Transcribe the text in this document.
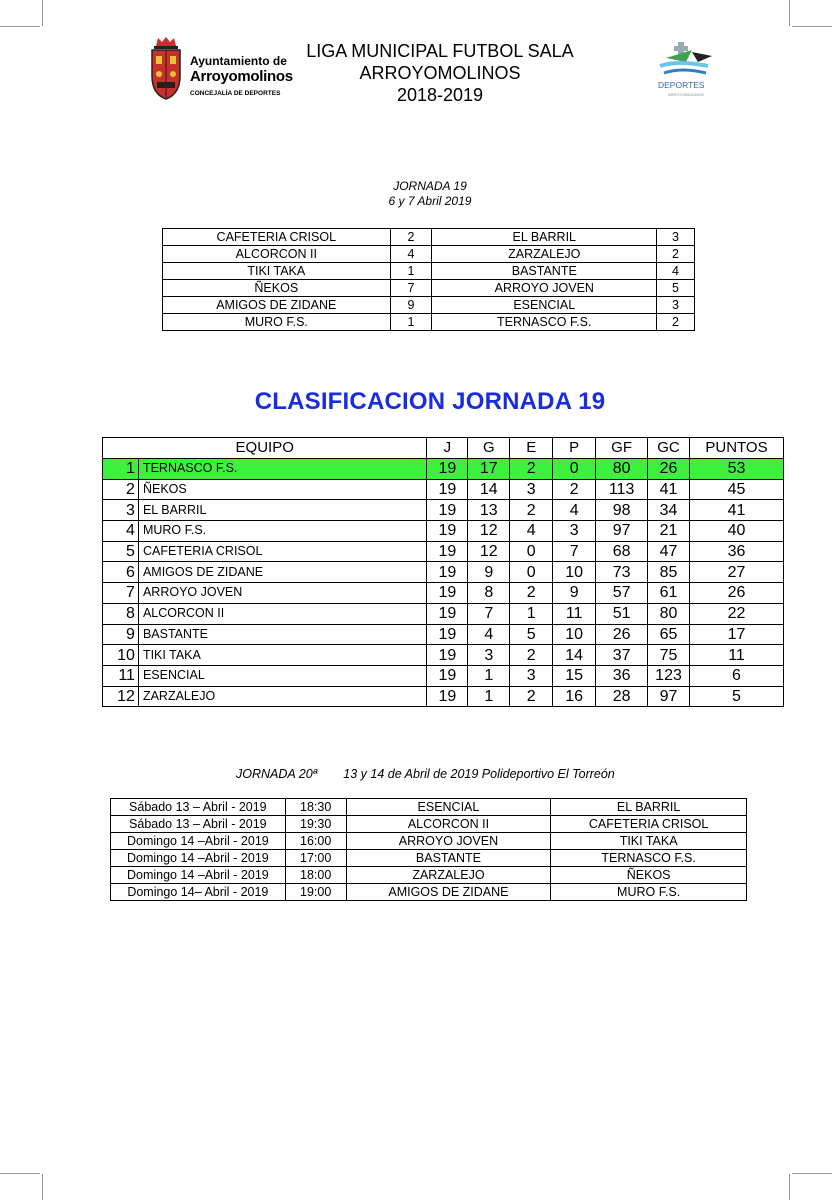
Ayuntamiento de
Arroyomolinos
CONCEJALÍA DE DEPORTES
LIGA MUNICIPAL FUTBOL SALA
ARROYOMOLINOS
2018-2019	DEPORTES
ARROYOMOLINOS
JORNADA 19
6 y 7 Abril 2019
CAFETERIA CRISOL	2	EL BARRIL	3
ALCORCON II	4	ZARZALEJO	2
TIKI TAKA	1	BASTANTE	4
ÑEKOS	7	ARROYO JOVEN	5
AMIGOS DE ZIDANE	9	ESENCIAL	3
MURO F.S.	1	TERNASCO F.S.	2
CLASIFICACION JORNADA 19
EQUIPO		J	G	E	P	GF	GC	PUNTOS
1	TERNASCO F.S.	19	17	2	0	80	26	53
2	ÑEKOS	19	14	3	2	113	41	45
3	EL BARRIL	19	13	2	4	98	34	41
4	MURO F.S.	19	12	4	3	97	21	40
5	CAFETERIA CRISOL	19	12	0	7	68	47	36
6	AMIGOS DE ZIDANE	19	9	0	10	73	85	27
7	ARROYO JOVEN	19	8	2	9	57	61	26
8	ALCORCON II	19	7	1	11	51	80	22
9	BASTANTE	19	4	5	10	26	65	17
10	TIKI TAKA	19	3	2	14	37	75	11
11	ESENCIAL	19	1	3	15	36	123	6
12	ZARZALEJO	19	1	2	16	28	97	5
JORNADA 20ª 13 y 14 de Abril de 2019 Polideportivo El Torreón
Sábado 13 – Abril - 2019	18:30	ESENCIAL	EL BARRIL
Sábado 13 – Abril - 2019	19:30	ALCORCON II	CAFETERIA CRISOL
Domingo 14 –Abril - 2019	16:00	ARROYO JOVEN	TIKI TAKA
Domingo 14 –Abril - 2019	17:00	BASTANTE	TERNASCO F.S.
Domingo 14 –Abril - 2019	18:00	ZARZALEJO	ÑEKOS
Domingo 14– Abril - 2019	19:00	AMIGOS DE ZIDANE	MURO F.S.
